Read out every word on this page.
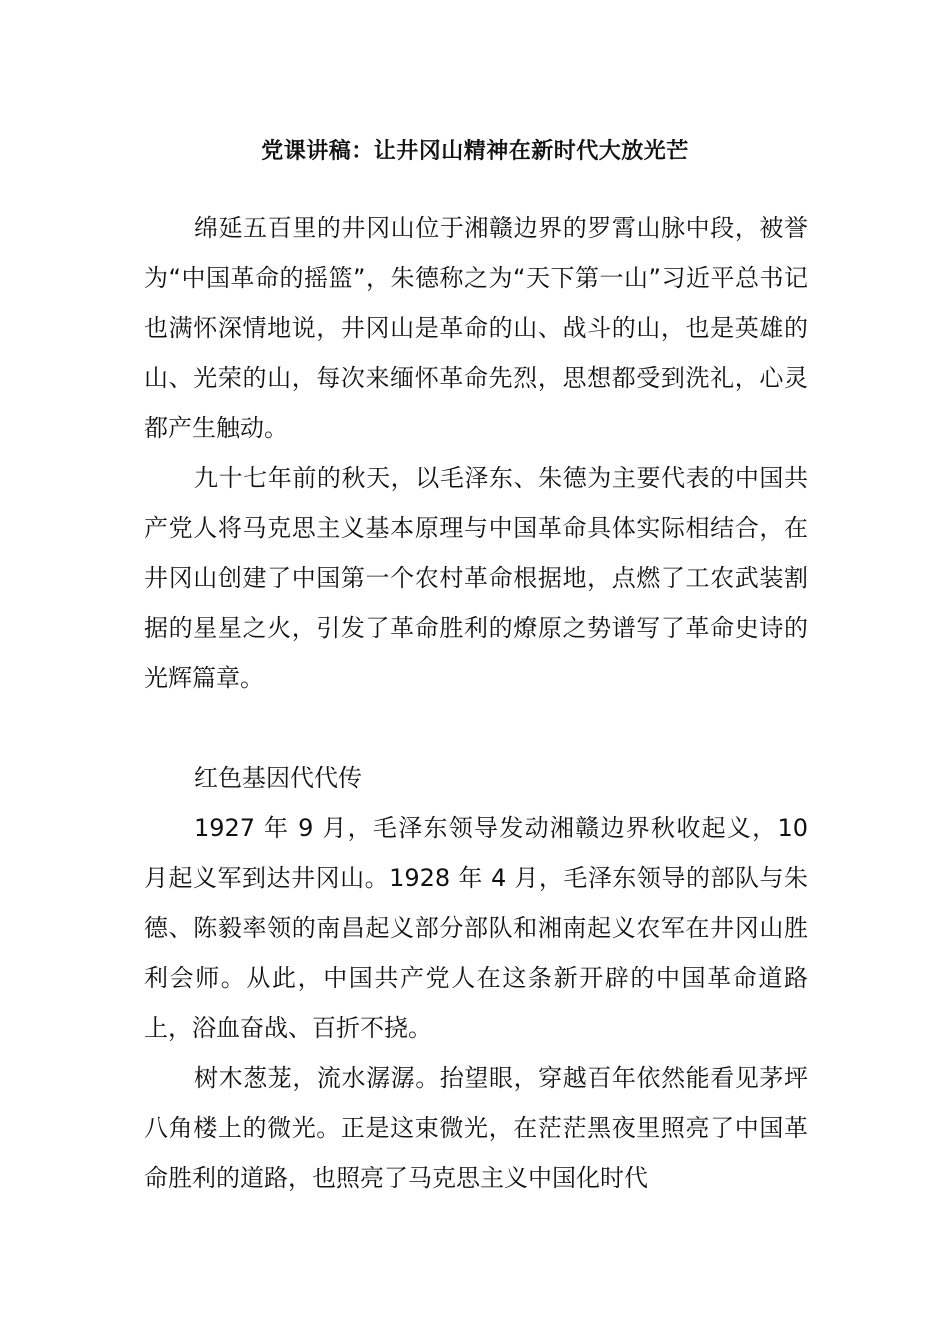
党课讲稿：让井冈山精神在新时代大放光芒

绵延五百里的井冈山位于湘赣边界的罗霄山脉中段，被誉为“中国革命的摇篮”，朱德称之为“天下第一山”习近平总书记也满怀深情地说，井冈山是革命的山、战斗的山，也是英雄的山、光荣的山，每次来缅怀革命先烈，思想都受到洗礼，心灵都产生触动。

九十七年前的秋天，以毛泽东、朱德为主要代表的中国共产党人将马克思主义基本原理与中国革命具体实际相结合，在井冈山创建了中国第一个农村革命根据地，点燃了工农武装割据的星星之火，引发了革命胜利的燎原之势谱写了革命史诗的光辉篇章。

红色基因代代传

1927 年 9 月，毛泽东领导发动湘赣边界秋收起义，10 月起义军到达井冈山。1928 年 4 月，毛泽东领导的部队与朱德、陈毅率领的南昌起义部分部队和湘南起义农军在井冈山胜利会师。从此，中国共产党人在这条新开辟的中国革命道路上，浴血奋战、百折不挠。

树木葱茏，流水潺潺。抬望眼，穿越百年依然能看见茅坪八角楼上的微光。正是这束微光，在茫茫黑夜里照亮了中国革命胜利的道路，也照亮了马克思主义中国化时代
